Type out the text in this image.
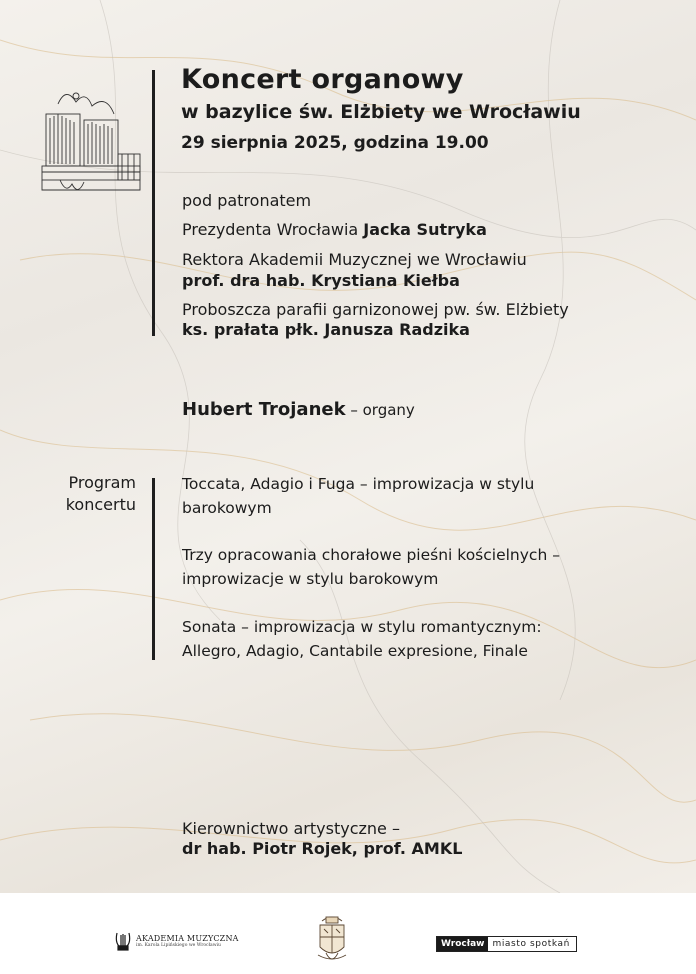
Koncert organowy
w bazylice św. Elżbiety we Wrocławiu
29 sierpnia 2025, godzina 19.00
pod patronatem
Prezydenta Wrocławia Jacka Sutryka
Rektora Akademii Muzycznej we Wrocławiu
prof. dra hab. Krystiana Kiełba
Proboszcza parafii garnizonowej pw. św. Elżbiety
ks. prałata płk. Janusza Radzika
Hubert Trojanek – organy
Program
koncertu
Toccata, Adagio i Fuga – improwizacja w stylu
barokowym
Trzy opracowania chorałowe pieśni kościelnych –
improwizacje w stylu barokowym
Sonata – improwizacja w stylu romantycznym:
Allegro, Adagio, Cantabile expresione, Finale
Kierownictwo artystyczne –
dr hab. Piotr Rojek, prof. AMKL
AKADEMIA MUZYCZNA
im. Karola Lipińskiego we Wrocławiu	Wrocław miasto spotkań
